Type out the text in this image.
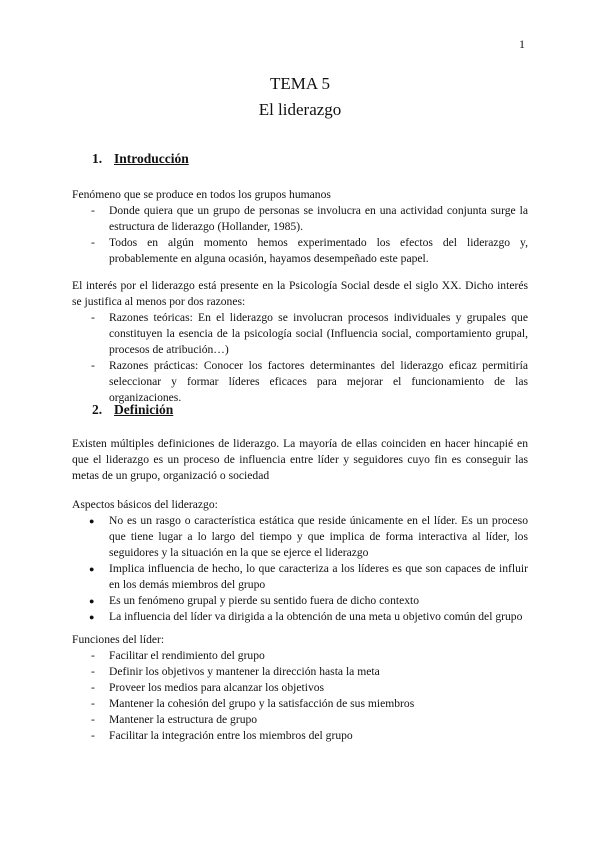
1
TEMA 5
El liderazgo
1. Introducción
Fenómeno que se produce en todos los grupos humanos
- Donde quiera que un grupo de personas se involucra en una actividad conjunta surge la estructura de liderazgo (Hollander, 1985).
- Todos en algún momento hemos experimentado los efectos del liderazgo y, probablemente en alguna ocasión, hayamos desempeñado este papel.
El interés por el liderazgo está presente en la Psicología Social desde el siglo XX. Dicho interés se justifica al menos por dos razones:
- Razones teóricas: En el liderazgo se involucran procesos individuales y grupales que constituyen la esencia de la psicología social (Influencia social, comportamiento grupal, procesos de atribución…)
- Razones prácticas: Conocer los factores determinantes del liderazgo eficaz permitiría seleccionar y formar líderes eficaces para mejorar el funcionamiento de las organizaciones.
2. Definición
Existen múltiples definiciones de liderazgo. La mayoría de ellas coinciden en hacer hincapié en que el liderazgo es un proceso de influencia entre líder y seguidores cuyo fin es conseguir las metas de un grupo, organizació o sociedad
Aspectos básicos del liderazgo:
● No es un rasgo o característica estática que reside únicamente en el líder. Es un proceso que tiene lugar a lo largo del tiempo y que implica de forma interactiva al líder, los seguidores y la situación en la que se ejerce el liderazgo
● Implica influencia de hecho, lo que caracteriza a los líderes es que son capaces de influir en los demás miembros del grupo
● Es un fenómeno grupal y pierde su sentido fuera de dicho contexto
● La influencia del líder va dirigida a la obtención de una meta u objetivo común del grupo
Funciones del líder:
- Facilitar el rendimiento del grupo
- Definir los objetivos y mantener la dirección hasta la meta
- Proveer los medios para alcanzar los objetivos
- Mantener la cohesión del grupo y la satisfacción de sus miembros
- Mantener la estructura de grupo
- Facilitar la integración entre los miembros del grupo
